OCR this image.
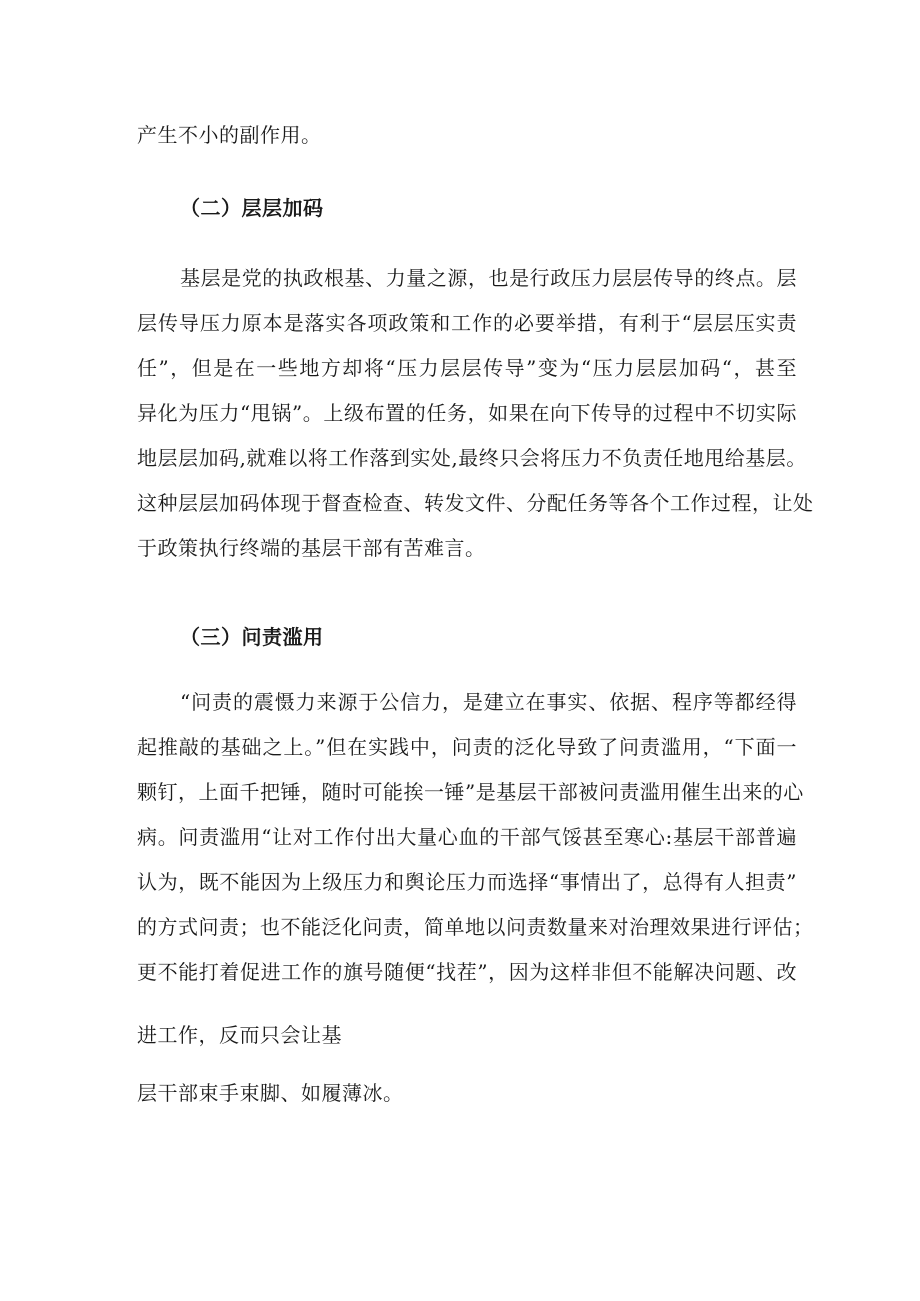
产生不小的副作用。
（二）层层加码
基层是党的执政根基、力量之源，也是行政压力层层传导的终点。层
层传导压力原本是落实各项政策和工作的必要举措，有利于“层层压实责
任”，但是在一些地方却将“压力层层传导”变为“压力层层加码“，甚至
异化为压力“甩锅”。上级布置的任务，如果在向下传导的过程中不切实际
地层层加码,就难以将工作落到实处,最终只会将压力不负责任地甩给基层。
这种层层加码体现于督查检查、转发文件、分配任务等各个工作过程，让处
于政策执行终端的基层干部有苦难言。
（三）问责滥用
“问责的震慑力来源于公信力，是建立在事实、依据、程序等都经得
起推敲的基础之上。”但在实践中，问责的泛化导致了问责滥用，“下面一
颗钉，上面千把锤，随时可能挨一锤”是基层干部被问责滥用催生出来的心
病。问责滥用“让对工作付出大量心血的干部气馁甚至寒心:基层干部普遍
认为，既不能因为上级压力和舆论压力而选择“事情出了，总得有人担责”
的方式问责；也不能泛化问责，简单地以问责数量来对治理效果进行评估；
更不能打着促进工作的旗号随便“找茬”，因为这样非但不能解决问题、改
进工作，反而只会让基
层干部束手束脚、如履薄冰。
